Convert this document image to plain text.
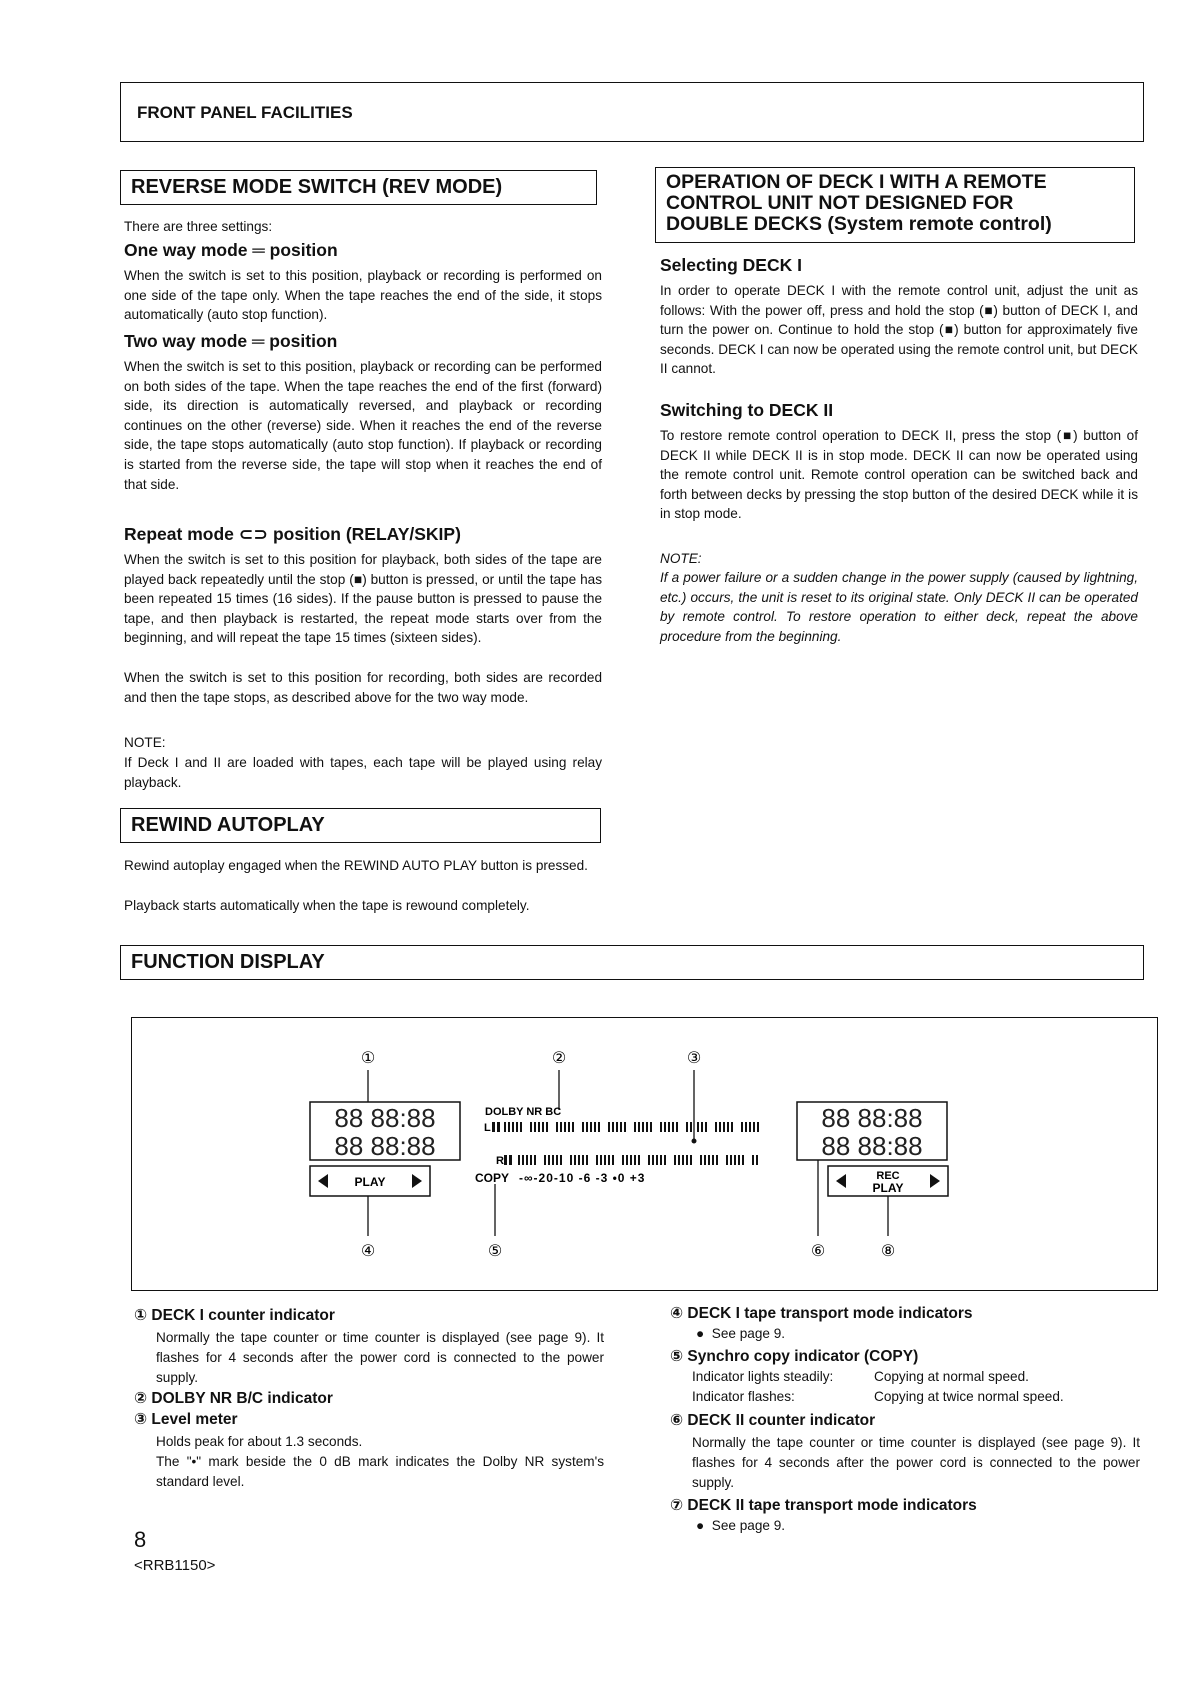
FRONT PANEL FACILITIES
REVERSE MODE SWITCH (REV MODE)

There are three settings:

One way mode ═ position

When the switch is set to this position, playback or recording is performed on one side of the tape only. When the tape reaches the end of the side, it stops automatically (auto stop function).

Two way mode ═ position

When the switch is set to this position, playback or recording can be performed on both sides of the tape. When the tape reaches the end of the first (forward) side, its direction is automatically reversed, and playback or recording continues on the other (reverse) side. When it reaches the end of the reverse side, the tape stops automatically (auto stop function). If playback or recording is started from the reverse side, the tape will stop when it reaches the end of that side.

Repeat mode ⊂⊃ position (RELAY/SKIP)

When the switch is set to this position for playback, both sides of the tape are played back repeatedly until the stop (■) button is pressed, or until the tape has been repeated 15 times (16 sides). If the pause button is pressed to pause the tape, and then playback is restarted, the repeat mode starts over from the beginning, and will repeat the tape 15 times (sixteen sides).

When the switch is set to this position for recording, both sides are recorded and then the tape stops, as described above for the two way mode.

NOTE:

If Deck I and II are loaded with tapes, each tape will be played using relay playback.

REWIND AUTOPLAY

Rewind autoplay engaged when the REWIND AUTO PLAY button is pressed.

Playback starts automatically when the tape is rewound completely.

FUNCTION DISPLAY
OPERATION OF DECK I WITH A REMOTE
CONTROL UNIT NOT DESIGNED FOR
DOUBLE DECKS (System remote control)
Selecting DECK I

In order to operate DECK I with the remote control unit, adjust the unit as follows: With the power off, press and hold the stop (■) button of DECK I, and turn the power on. Continue to hold the stop (■) button for approximately five seconds. DECK I can now be operated using the remote control unit, but DECK II cannot.

Switching to DECK II

To restore remote control operation to DECK II, press the stop (■) button of DECK II while DECK II is in stop mode. DECK II can now be operated using the remote control unit. Remote control operation can be switched back and forth between decks by pressing the stop button of the desired DECK while it is in stop mode.

NOTE:

If a power failure or a sudden change in the power supply (caused by lightning, etc.) occurs, the unit is reset to its original state. Only DECK II can be operated by remote control. To restore operation to either deck, repeat the above procedure from the beginning.

①	②	③
88 88:88
88 88:88
PLAY
DOLBY NR BC
L
R
COPY -∞-20-10 -6 -3 •0 +3
88 88:88
88 88:88
REC
PLAY
④	⑤	⑥	⑧
① DECK I counter indicator

Normally the tape counter or time counter is displayed (see page 9). It flashes for 4 seconds after the power cord is connected to the power supply.

② DOLBY NR B/C indicator
③ Level meter

Holds peak for about 1.3 seconds.

The "•" mark beside the 0 dB mark indicates the Dolby NR system's standard level.

④ DECK I tape transport mode indicators
●  See page 9.
⑤ Synchro copy indicator (COPY)
Indicator lights steadily:	Copying at normal speed.
Indicator flashes:	Copying at twice normal speed.
⑥ DECK II counter indicator

Normally the tape counter or time counter is displayed (see page 9). It flashes for 4 seconds after the power cord is connected to the power supply.

⑦ DECK II tape transport mode indicators
●  See page 9.
8
<RRB1150>
